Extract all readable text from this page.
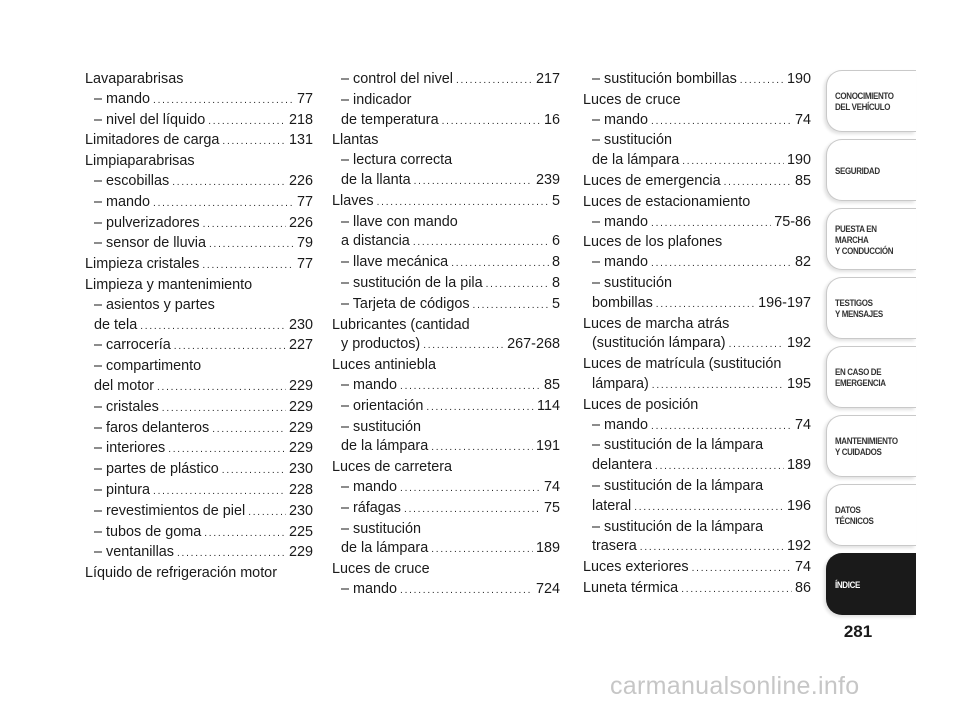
Lavaparabrisas
– mando . . .	77
– nivel del líquido . . .	218
Limitadores de carga . . .	131
Limpiaparabrisas
– escobillas . . .	226
– mando . . .	77
– pulverizadores . . .	226
– sensor de lluvia . . .	79
Limpieza cristales . . .	77
Limpieza y mantenimiento
– asientos y partes
de tela . . .	230
– carrocería . . .	227
– compartimento
del motor . . .	229
– cristales . . .	229
– faros delanteros . . .	229
– interiores . . .	229
– partes de plástico . . .	230
– pintura . . .	228
– revestimientos de piel . . .	230
– tubos de goma . . .	225
– ventanillas . . .	229
Líquido de refrigeración motor
– control del nivel . . .	217
– indicador
de temperatura . . .	16
Llantas
– lectura correcta
de la llanta . . .	239
Llaves . . .	5
– llave con mando
a distancia . . .	6
– llave mecánica . . .	8
– sustitución de la pila . . .	8
– Tarjeta de códigos . . .	5
Lubricantes (cantidad
y productos) . . .	267-268
Luces antiniebla
– mando . . .	85
– orientación . . .	114
– sustitución
de la lámpara . . .	191
Luces de carretera
– mando . . .	74
– ráfagas . . .	75
– sustitución
de la lámpara . . .	189
Luces de cruce
– mando . . .	724
– sustitución bombillas . . .	190
Luces de cruce
– mando . . .	74
– sustitución
de la lámpara . . .	190
Luces de emergencia . . .	85
Luces de estacionamiento
– mando . . .	75-86
Luces de los plafones
– mando . . .	82
– sustitución
bombillas . . .	196-197
Luces de marcha atrás
(sustitución lámpara) . . .	192
Luces de matrícula (sustitución
lámpara) . . .	195
Luces de posición
– mando . . .	74
– sustitución de la lámpara
delantera . . .	189
– sustitución de la lámpara
lateral . . .	196
– sustitución de la lámpara
trasera . . .	192
Luces exteriores . . .	74
Luneta térmica . . .	86
CONOCIMIENTO
DEL VEHÍCULO
SEGURIDAD
PUESTA EN
MARCHA
Y CONDUCCIÓN
TESTIGOS
Y MENSAJES
EN CASO DE
EMERGENCIA
MANTENIMIENTO
Y CUIDADOS
DATOS
TÉCNICOS
ÍNDICE
281
carmanualsonline.info
